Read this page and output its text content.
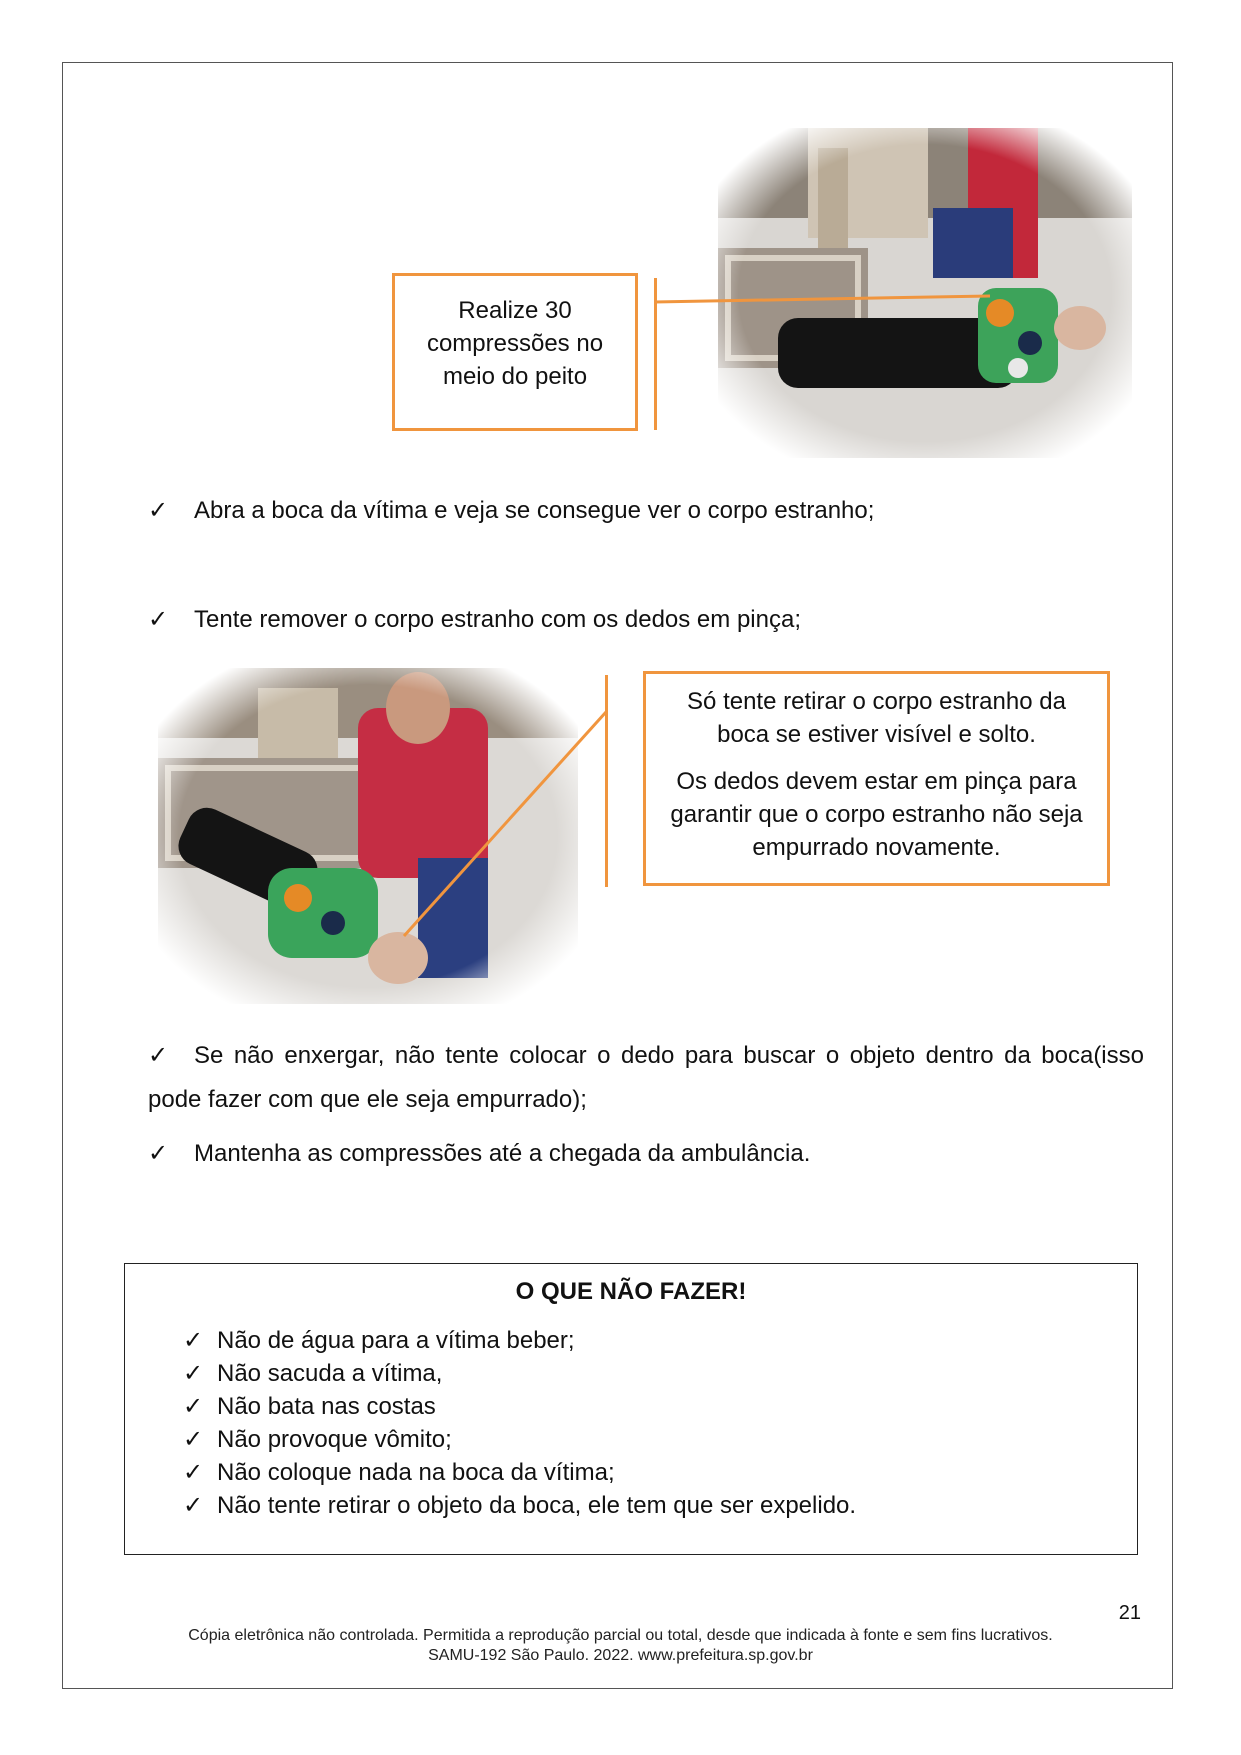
Realize 30

compressões no

meio do peito

✓ Abra a boca da vítima e veja se consegue ver o corpo estranho;
✓ Tente remover o corpo estranho com os dedos em pinça;

Só tente retirar o corpo estranho da boca se estiver visível e solto.

Os dedos devem estar em pinça para garantir que o corpo estranho não seja empurrado novamente.

✓ Se não enxergar, não tente colocar o dedo para buscar o objeto dentro da boca(isso pode fazer com que ele seja empurrado);
✓ Mantenha as compressões até a chegada da ambulância.
O QUE NÃO FAZER!
✓ Não de água para a vítima beber;
✓ Não sacuda a vítima,
✓ Não bata nas costas
✓ Não provoque vômito;
✓ Não coloque nada na boca da vítima;
✓ Não tente retirar o objeto da boca, ele tem que ser expelido.
21
Cópia eletrônica não controlada. Permitida a reprodução parcial ou total, desde que indicada à fonte e sem fins lucrativos.
SAMU-192 São Paulo. 2022. www.prefeitura.sp.gov.br
